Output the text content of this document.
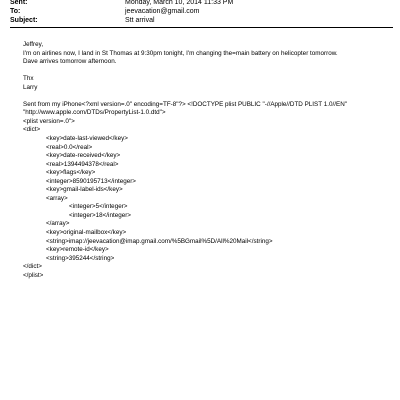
Sent:	Monday, March 10, 2014 11:33 PM
To:	jeevacation@gmail.com
Subject:	Stt arrival
Jeffrey,
I'm on airlines now, I land in St Thomas at 9:30pm tonight, I'm changing the=main battery on helicopter tomorrow.
Dave arrives tomorrow afternoon.
Thx
Larry
Sent from my iPhone<?xml version=.0" encoding=TF-8"?> <!DOCTYPE plist PUBLIC "-//Apple//DTD PLIST 1.0//EN"
"http://www.apple.com/DTDs/PropertyList-1.0.dtd">
<plist version=.0">
<dict>
<key>date-last-viewed</key>
<real>0.0</real>
<key>date-received</key>
<real>1394494378</real>
<key>flags</key>
<integer>8590195713</integer>
<key>gmail-label-ids</key>
<array>
<integer>5</integer>
<integer>18</integer>
</array>
<key>original-mailbox</key>
<string>imap://jeevacation@imap.gmail.com/%5BGmail%5D/All%20Mail</string>
<key>remote-id</key>
<string>395244</string>
</dict>
</plist>
